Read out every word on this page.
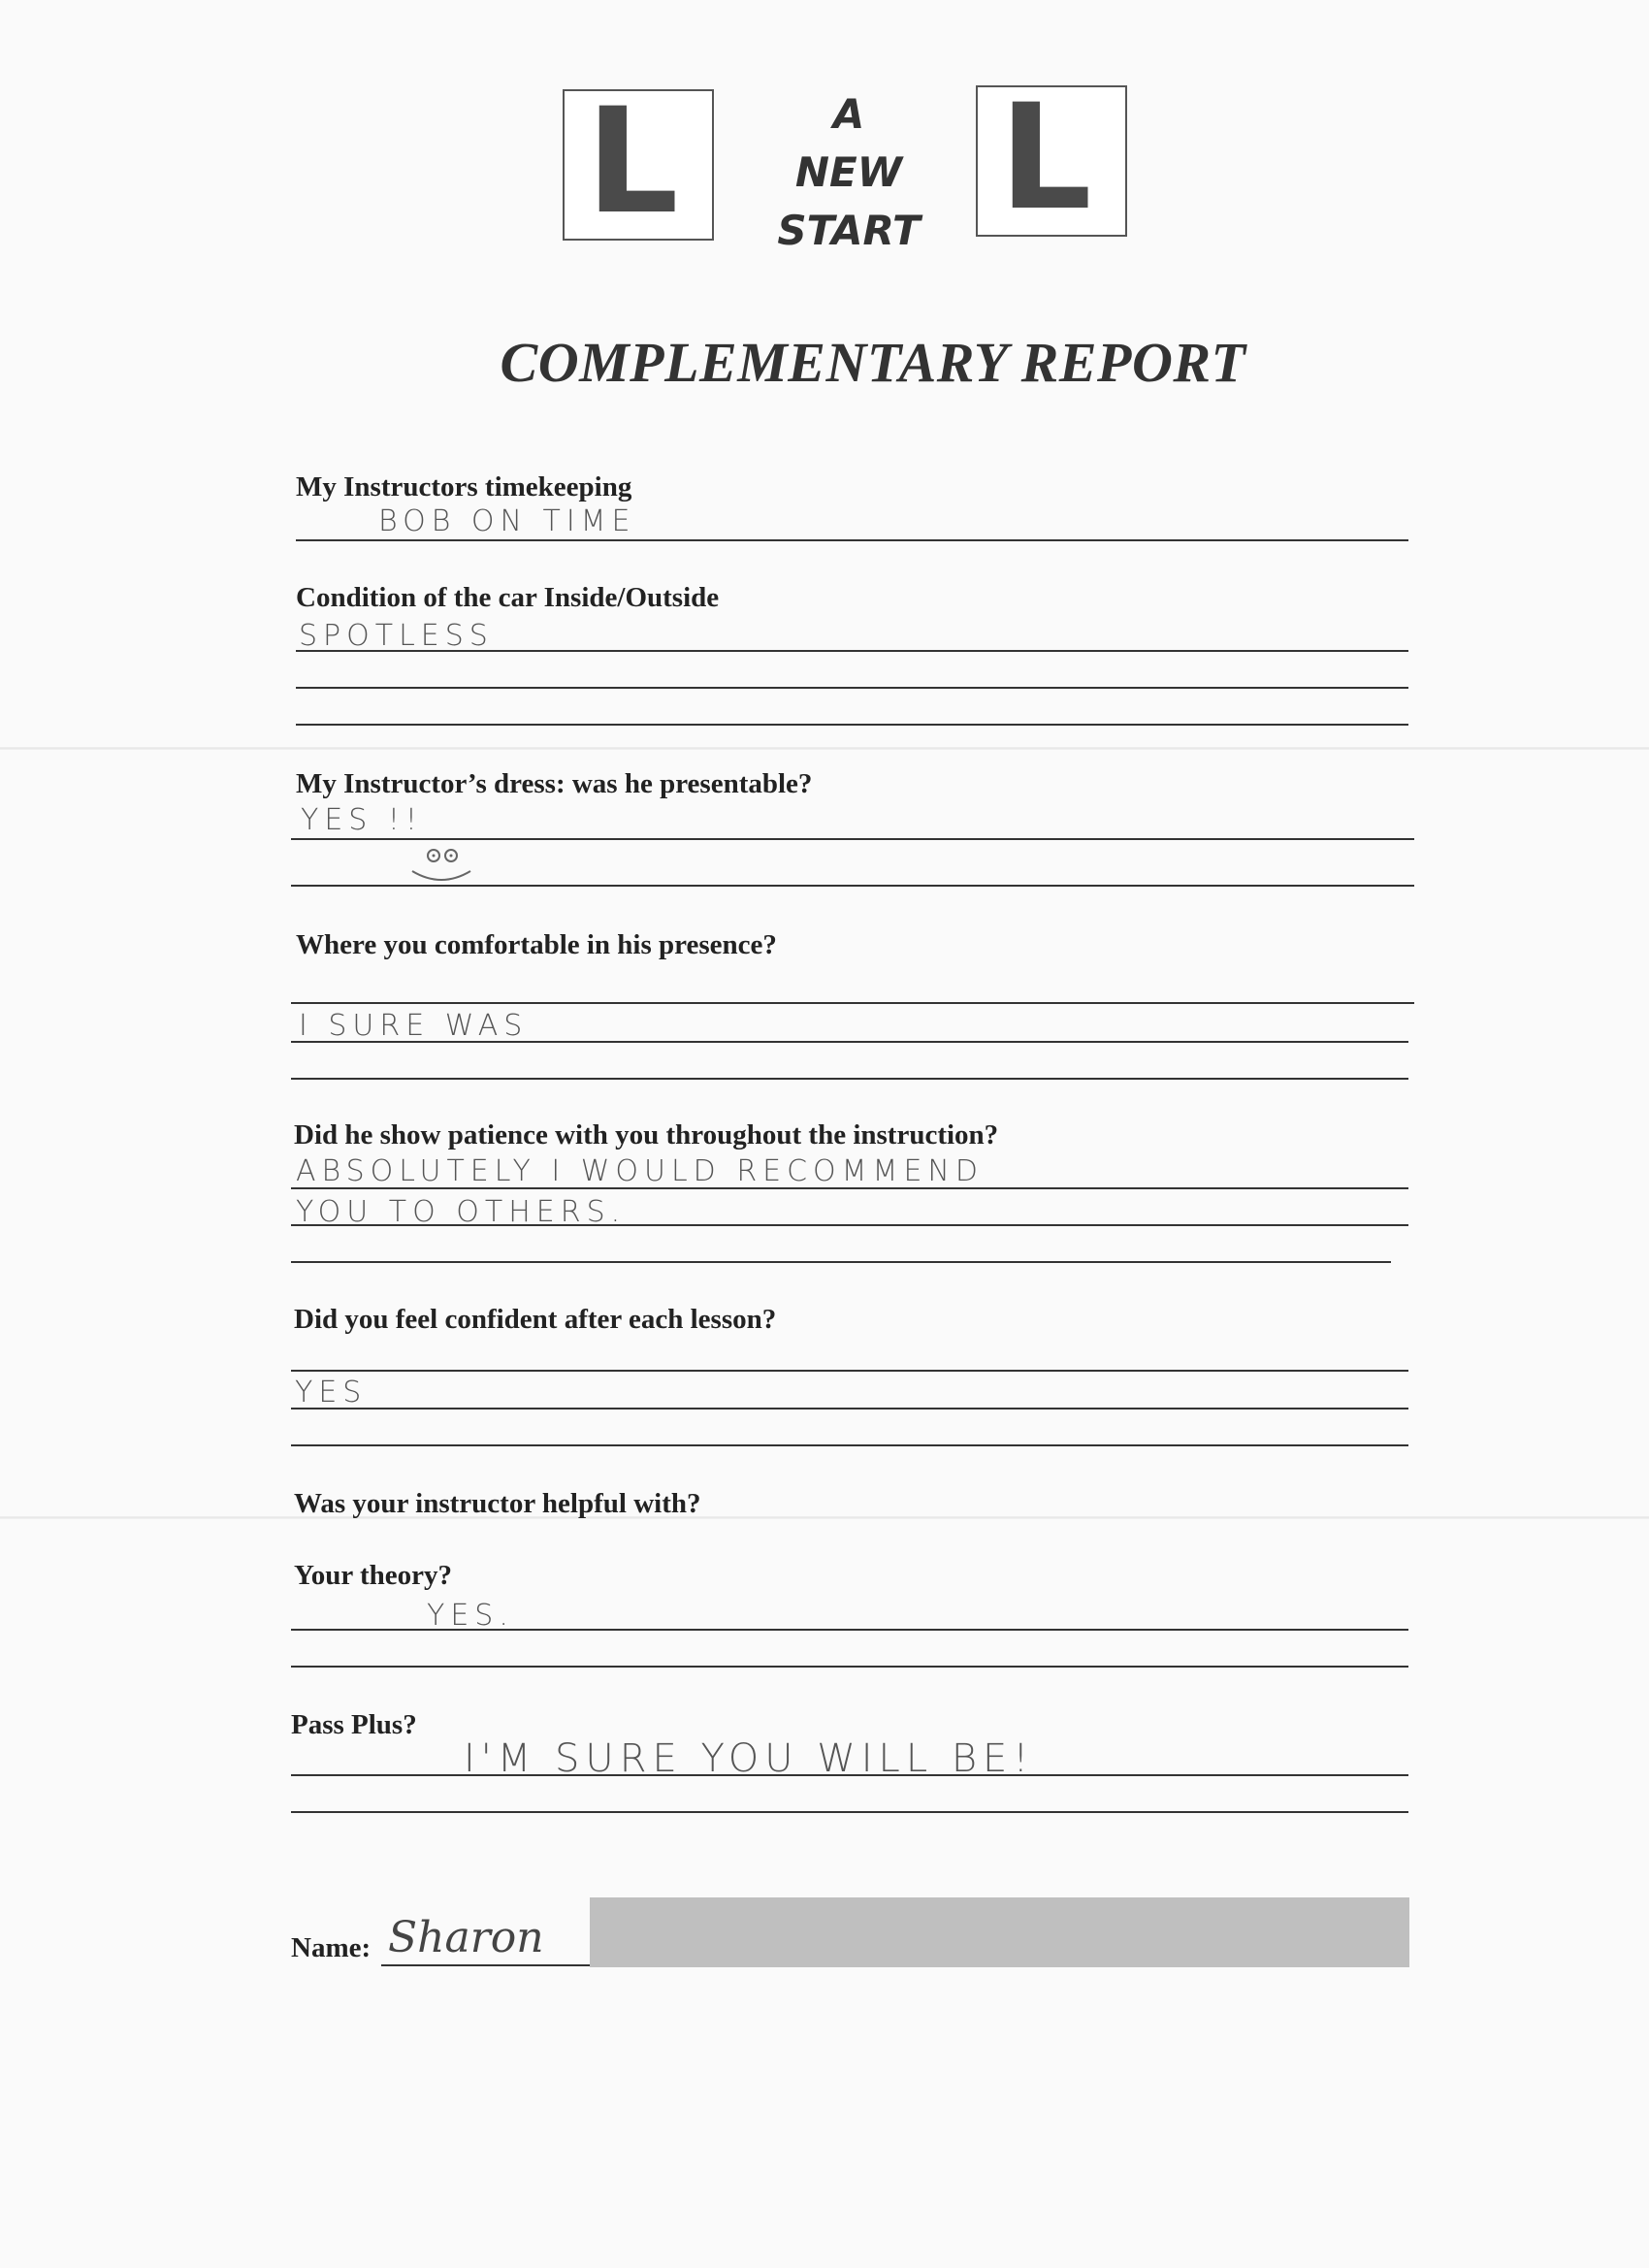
L	A
NEW
START L
COMPLEMENTARY REPORT
My Instructors timekeeping
BOB ON TIME
Condition of the car Inside/Outside
SPOTLESS
My Instructor’s dress: was he presentable?
YES !!
Where you comfortable in his presence?
I SURE WAS
Did he show patience with you throughout the instruction?
ABSOLUTELY I WOULD RECOMMEND
YOU TO OTHERS.
Did you feel confident after each lesson?
YES
Was your instructor helpful with?
Your theory?
YES.
Pass Plus?
I'M SURE YOU WILL BE!
Name: Sharon
